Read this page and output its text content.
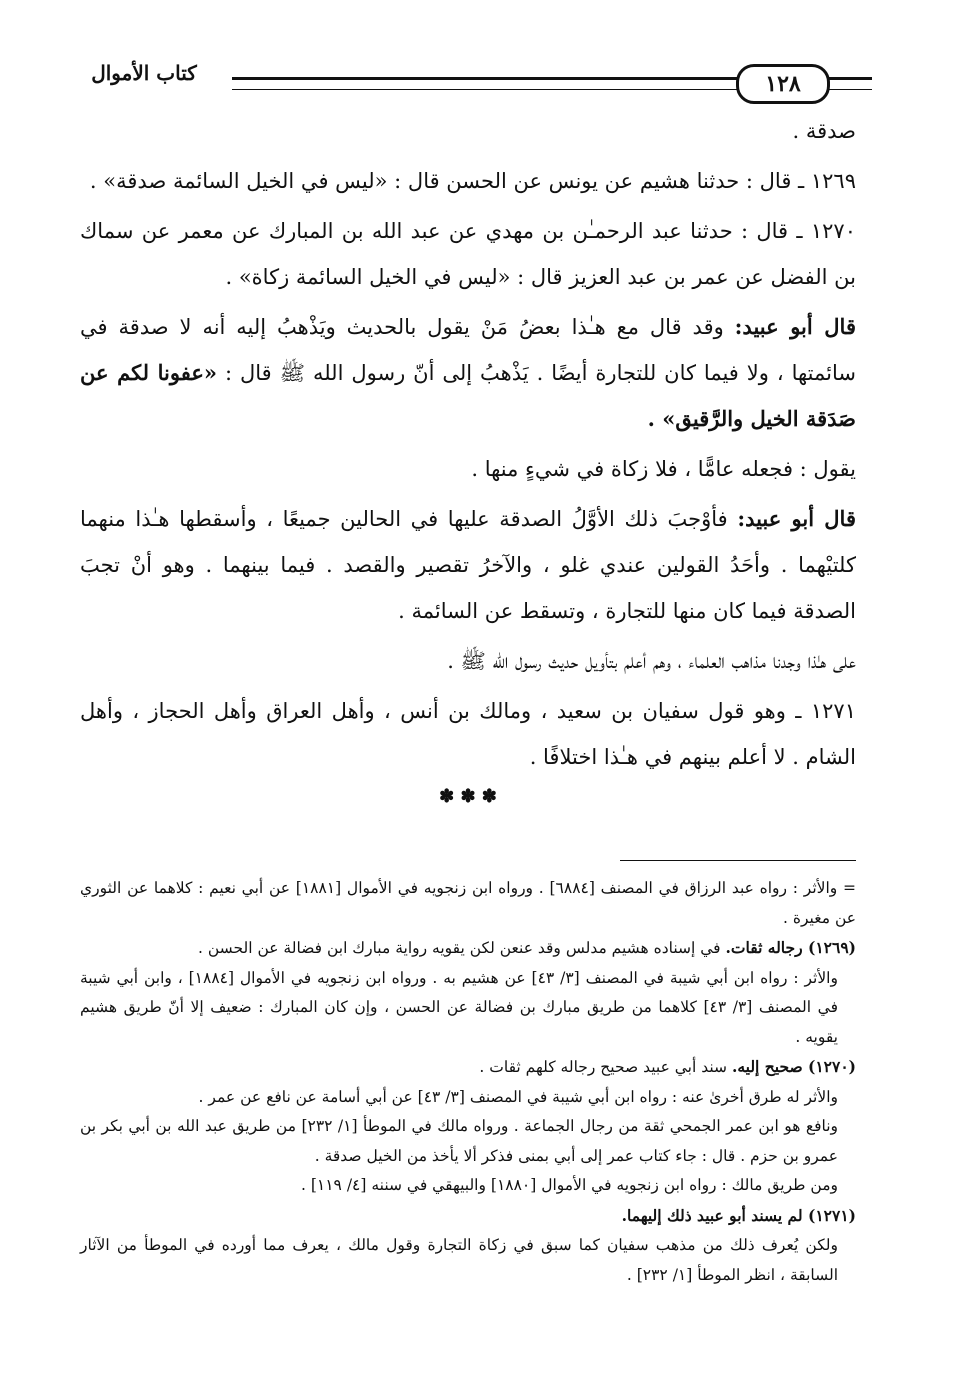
١٢٨
كتاب الأموال

صدقة .

١٢٦٩ ـ قال : حدثنا هشيم عن يونس عن الحسن قال : «ليس في الخيل السائمة صدقة» .

١٢٧٠ ـ قال : حدثنا عبد الرحمـٰن بن مهدي عن عبد الله بن المبارك عن معمر عن سماك بن الفضل عن عمر بن عبد العزيز قال : «ليس في الخيل السائمة زكاة» .

قال أبو عبيد: وقد قال مع هـٰذا بعضُ مَنْ يقول بالحديث ويَذْهبُ إليه أنه لا صدقة في سائمتها ، ولا فيما كان للتجارة أيضًا . يَذْهبُ إلى أنّ رسول الله ﷺ قال : «عفونا لكم عن صَدَقة الخيل والرَّقيق» .

يقول : فجعله عامًّا ، فلا زكاة في شيءٍ منها .

قال أبو عبيد: فأوْجبَ ذلك الأوَّلُ الصدقة عليها في الحالين جميعًا ، وأسقطها هـٰذا منهما كلتيْهما . وأحَدُ القولين عندي غلو ، والآخرُ تقصير والقصد . فيما بينهما . وهو أنْ تجبَ الصدقة فيما كان منها للتجارة ، وتسقط عن السائمة .

على هـٰذا وجدنا مذاهب العلماء ، وهم أعلم بتأويل حديث رسول الله ﷺ .

١٢٧١ ـ وهو قول سفيان بن سعيد ، ومالك بن أنس ، وأهل العراق وأهل الحجاز ، وأهل الشام . لا أعلم بينهم في هـٰذا اختلافًا .

✽ ✽ ✽

= والأثر : رواه عبد الرزاق في المصنف [٦٨٨٤] . ورواه ابن زنجويه في الأموال [١٨٨١] عن أبي نعيم : كلاهما عن الثوري عن مغيرة .

(١٢٦٩) رجاله ثقات. في إسناده هشيم مدلس وقد عنعن لكن يقويه رواية مبارك ابن فضالة عن الحسن .

والأثر : رواه ابن أبي شيبة في المصنف [٣/ ٤٣] عن هشيم به . ورواه ابن زنجويه في الأموال [١٨٨٤] ، وابن أبي شيبة في المصنف [٣/ ٤٣] كلاهما من طريق مبارك بن فضالة عن الحسن ، وإن كان المبارك : ضعيف إلا أنّ طريق هشيم يقويه .

(١٢٧٠) صحيح إليه. سند أبي عبيد صحيح رجاله كلهم ثقات .

والأثر له طرق أخرىٰ عنه : رواه ابن أبي شيبة في المصنف [٣/ ٤٣] عن أبي أسامة عن نافع عن عمر .

ونافع هو ابن عمر الجمحي ثقة من رجال الجماعة . ورواه مالك في الموطأ [١/ ٢٣٢] من طريق عبد الله بن أبي بكر بن عمرو بن حزم . قال : جاء كتاب عمر إلى أبي بمنى فذكر ألا يأخذ من الخيل صدقة .

ومن طريق مالك : رواه ابن زنجويه في الأموال [١٨٨٠] والبيهقي في سننه [٤/ ١١٩] .

(١٢٧١) لم يسند أبو عبيد ذلك إليهما.

ولكن يُعرف ذلك من مذهب سفيان كما سبق في زكاة التجارة وقول مالك ، يعرف مما أورده في الموطأ من الآثار السابقة ، انظر الموطأ [١/ ٢٣٢] .
